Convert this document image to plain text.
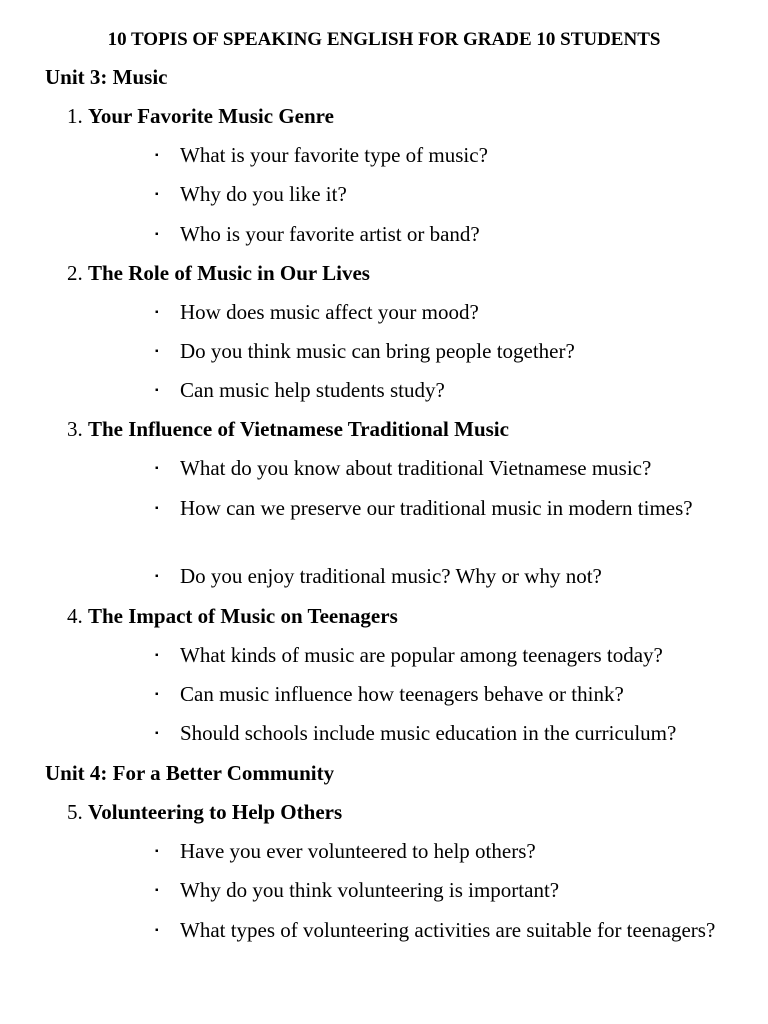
10 TOPIS OF SPEAKING ENGLISH FOR GRADE 10 STUDENTS
Unit 3: Music
1. Your Favorite Music Genre
▪	What is your favorite type of music?
▪	Why do you like it?
▪	Who is your favorite artist or band?
2. The Role of Music in Our Lives
▪	How does music affect your mood?
▪	Do you think music can bring people together?
▪	Can music help students study?
3. The Influence of Vietnamese Traditional Music
▪	What do you know about traditional Vietnamese music?
▪	How can we preserve our traditional music in modern times?
▪	Do you enjoy traditional music? Why or why not?
4. The Impact of Music on Teenagers
▪	What kinds of music are popular among teenagers today?
▪	Can music influence how teenagers behave or think?
▪	Should schools include music education in the curriculum?
Unit 4: For a Better Community
5. Volunteering to Help Others
▪	Have you ever volunteered to help others?
▪	Why do you think volunteering is important?
▪	What types of volunteering activities are suitable for teenagers?
